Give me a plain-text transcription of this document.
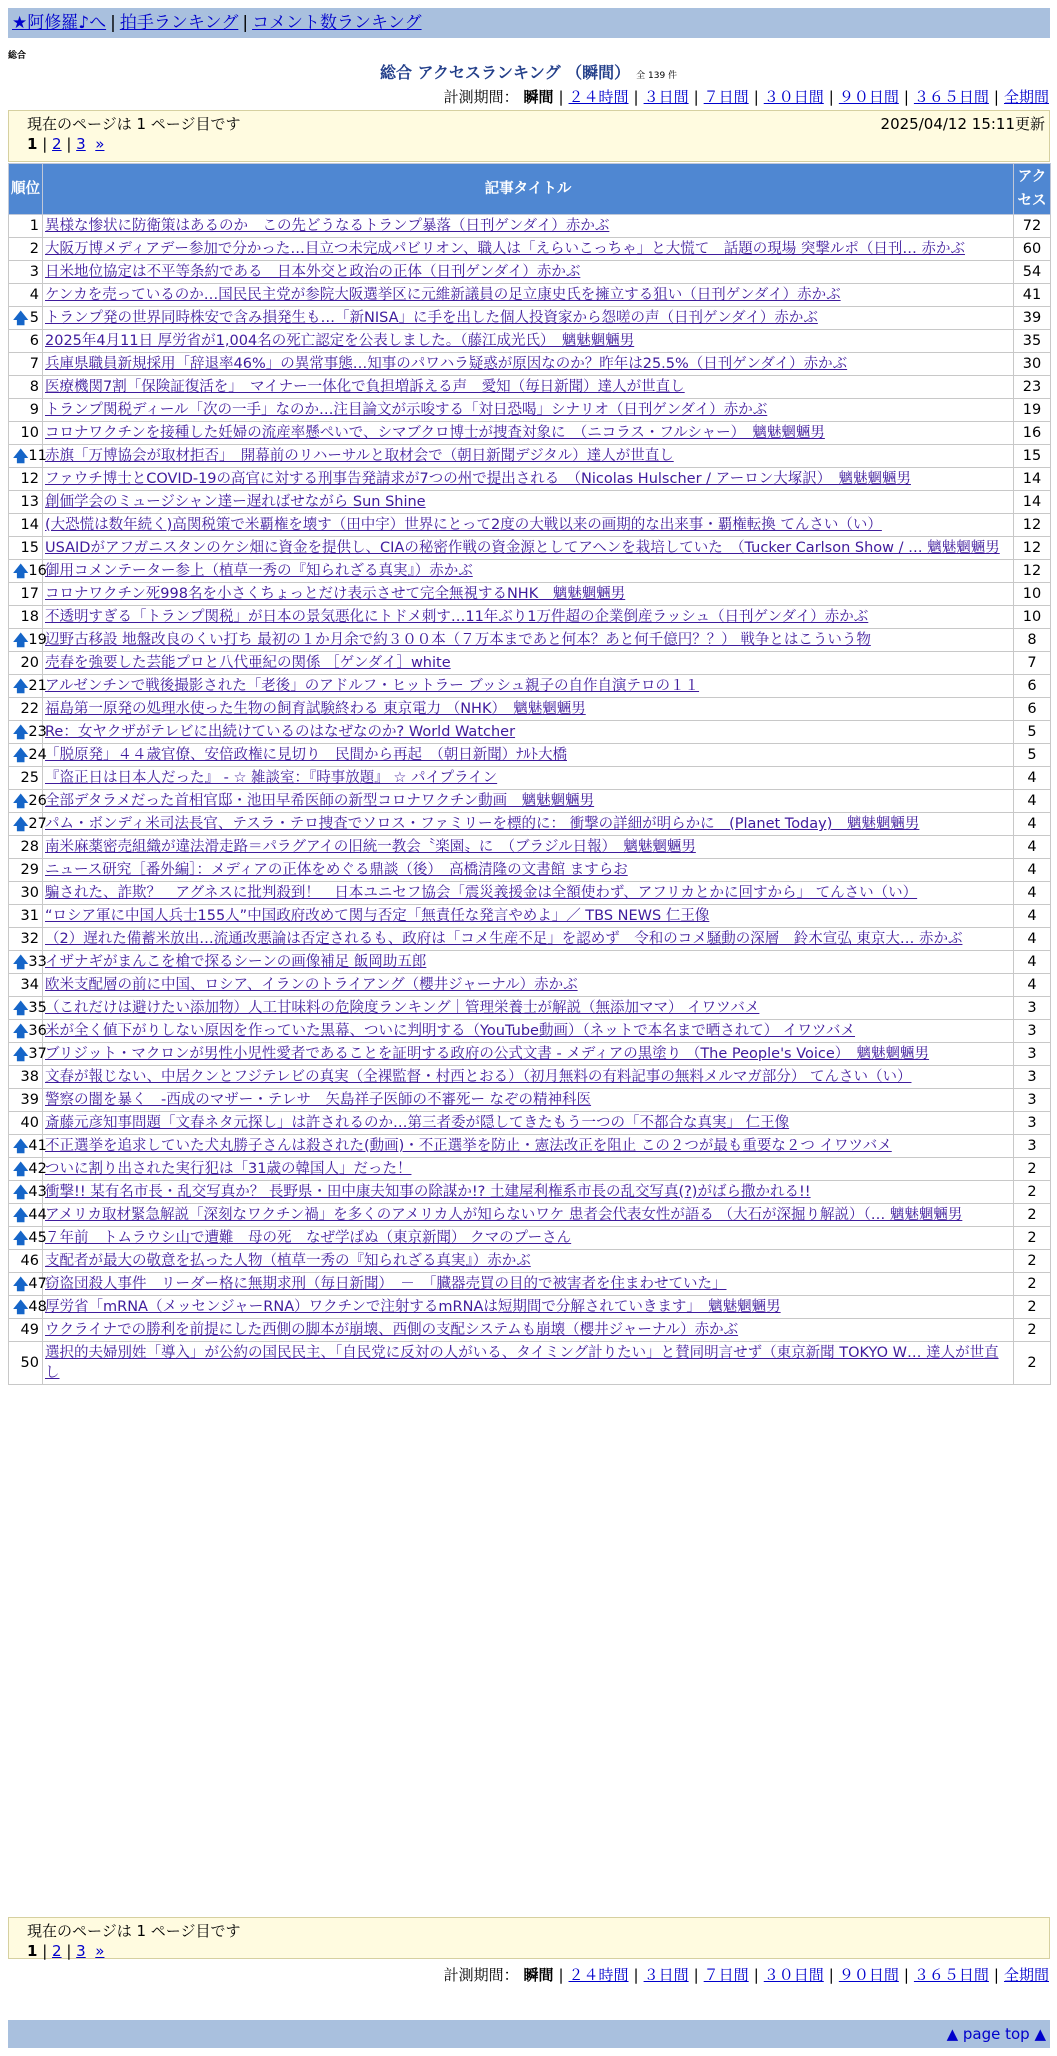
★阿修羅♪へ | 拍手ランキング | コメント数ランキング
総合
総合 アクセスランキング （瞬間） 全 139 件
計測期間： 瞬間 | ２４時間 | ３日間 | ７日間 | ３０日間 | ９０日間 | ３６５日間 | 全期間
現在のページは 1 ページ目です	2025/04/12 15:11更新
1 | 2 | 3 »
順位	記事タイトル	アクセス
1	異様な惨状に防衛策はあるのか　この先どうなるトランプ暴落（日刊ゲンダイ）赤かぶ	72
2	大阪万博メディアデー参加で分かった…目立つ未完成パビリオン、職人は「えらいこっちゃ」と大慌て　話題の現場 突撃ルポ（日刊… 赤かぶ	60
3	日米地位協定は不平等条約である　日本外交と政治の正体（日刊ゲンダイ）赤かぶ	54
4	ケンカを売っているのか…国民民主党が参院大阪選挙区に元維新議員の足立康史氏を擁立する狙い（日刊ゲンダイ）赤かぶ	41

🡅 5	トランプ発の世界同時株安で含み損発生も…「新NISA」に手を出した個人投資家から怨嗟の声（日刊ゲンダイ）赤かぶ	39
6	2025年4月11日 厚労省が1,004名の死亡認定を公表しました。（藤江成光氏）　魑魅魍魎男	35
7	兵庫県職員新規採用「辞退率46%」の異常事態…知事のパワハラ疑惑が原因なのか？昨年は25.5%（日刊ゲンダイ）赤かぶ	30
8	医療機関7割「保険証復活を」　マイナー一体化で負担増訴える声　愛知（毎日新聞）達人が世直し	23
9	トランプ関税ディール「次の一手」なのか…注目論文が示唆する「対日恐喝」シナリオ（日刊ゲンダイ）赤かぶ	19
10	コロナワクチンを接種した妊婦の流産率懸ぺいで、シマブクロ博士が捜査対象に　（ニコラス・フルシャー）　魑魅魍魎男	16

🡅 11	赤旗「万博協会が取材拒否」　開幕前のリハーサルと取材会で（朝日新聞デジタル）達人が世直し	15
12	ファウチ博士とCOVID-19の高官に対する刑事告発請求が7つの州で提出される　（Nicolas Hulscher / アーロン大塚訳）　魑魅魍魎男	14
13	創価学会のミュージシャン達ー遅ればせながら Sun Shine	14
14	(大恐慌は数年続く)高関税策で米覇権を壊す（田中宇）世界にとって2度の大戦以来の画期的な出来事・覇権転換 てんさい（い）	12
15	USAIDがアフガニスタンのケシ畑に資金を提供し、CIAの秘密作戦の資金源としてアヘンを栽培していた　（Tucker Carlson Show / … 魑魅魍魎男	12

🡅 16	御用コメンテーター参上（植草一秀の『知られざる真実』）赤かぶ	12
17	コロナワクチン死998名を小さくちょっとだけ表示させて完全無視するNHK　魑魅魍魎男	10
18	不透明すぎる「トランプ関税」が日本の景気悪化にトドメ刺す…11年ぶり1万件超の企業倒産ラッシュ（日刊ゲンダイ）赤かぶ	10

🡅 19	辺野古移設 地盤改良のくい打ち 最初の１か月余で約３００本（７万本まであと何本？あと何千億円？？） 戦争とはこういう物	8
20	売春を強要した芸能プロと八代亜紀の関係 ［ゲンダイ］white	7

🡅 21	アルゼンチンで戦後撮影された「老後」のアドルフ・ヒットラー ブッシュ親子の自作自演テロの１１	6
22	福島第一原発の処理水使った生物の飼育試験終わる 東京電力 （NHK）　魑魅魍魎男	6

🡅 23	Re：女ヤクザがテレビに出続けているのはなぜなのか? World Watcher	5

🡅 24	「脱原発」４４歳官僚、安倍政権に見切り　民間から再起　（朝日新聞）ﾅﾙﾄ大橋	5
25	『盗正日は日本人だった』 - ☆ 雑談室：『時事放題』 ☆ パイプライン	4

🡅 26	全部デタラメだった首相官邸・池田早希医師の新型コロナワクチン動画　魑魅魍魎男	4

🡅 27	パム・ボンディ米司法長官、テスラ・テロ捜査でソロス・ファミリーを標的に： 衝撃の詳細が明らかに　(Planet Today)　魑魅魍魎男	4
28	南米麻薬密売組織が違法滑走路＝パラグアイの旧統一教会〝楽園〟に　（ブラジル日報）　魑魅魍魎男	4
29	ニュース研究［番外編］：メディアの正体をめぐる鼎談（後）　高橋清隆の文書館 ますらお	4
30	騙された、詐欺？　アグネスに批判殺到！　日本ユニセフ協会「震災義援金は全額使わず、アフリカとかに回すから」 てんさい（い）	4
31	“ロシア軍に中国人兵士155人”中国政府改めて関与否定「無責任な発言やめよ」／ TBS NEWS 仁王像	4
32	（2）遅れた備蓄米放出…流通改悪論は否定されるも、政府は「コメ生産不足」を認めず　令和のコメ騒動の深層　鈴木宣弘 東京大… 赤かぶ	4

🡅 33	イザナギがまんこを槍で探るシーンの画像補足 飯岡助五郎	4
34	欧米支配層の前に中国、ロシア、イランのトライアング（櫻井ジャーナル）赤かぶ	4

🡅 35	（これだけは避けたい添加物）人工甘味料の危険度ランキング｜管理栄養士が解説（無添加ママ） イワツバメ	3

🡅 36	米が全く値下がりしない原因を作っていた黒幕、ついに判明する（YouTube動画）（ネットで本名まで晒されて） イワツバメ	3

🡅 37	ブリジット・マクロンが男性小児性愛者であることを証明する政府の公式文書 - メディアの黒塗り （The People's Voice）　魑魅魍魎男	3
38	文春が報じない、中居クンとフジテレビの真実（全裸監督・村西とおる）（初月無料の有料記事の無料メルマガ部分） てんさい（い）	3
39	警察の闇を暴く　-西成のマザー・テレサ　矢島祥子医師の不審死ー なぞの精神科医	3
40	斎藤元彦知事問題「文春ネタ元探し」は許されるのか…第三者委が隠してきたもう一つの「不都合な真実」 仁王像	3

🡅 41	不正選挙を追求していた犬丸勝子さんは殺された(動画)・不正選挙を防止・憲法改正を阻止 この２つが最も重要な２つ イワツバメ	3

🡅 42	ついに割り出された実行犯は「31歳の韓国人」だった！	2

🡅 43	衝撃!! 某有名市長・乱交写真か？ 長野県・田中康夫知事の除謀か!? 土建屋利権系市長の乱交写真(?)がばら撒かれる!!	2

🡅 44	アメリカ取材緊急解説「深刻なワクチン禍」を多くのアメリカ人が知らないワケ 患者会代表女性が語る （大石が深掘り解説）（… 魑魅魍魎男	2

🡅 45	７年前　トムラウシ山で遭難　母の死　なぜ学ばぬ（東京新聞） クマのプーさん	2
46	支配者が最大の敬意を払った人物（植草一秀の『知られざる真実』）赤かぶ	2

🡅 47	窃盗団殺人事件　リーダー格に無期求刑（毎日新聞）　－　「臓器売買の目的で被害者を住まわせていた」	2

🡅 48	厚労省「mRNA（メッセンジャーRNA）ワクチンで注射するmRNAは短期間で分解されていきます」　魑魅魍魎男	2
49	ウクライナでの勝利を前提にした西側の脚本が崩壊、西側の支配システムも崩壊（櫻井ジャーナル）赤かぶ	2
50	選択的夫婦別姓「導入」が公約の国民民主、「自民党に反対の人がいる、タイミング計りたい」と賛同明言せず（東京新聞 TOKYO W… 達人が世直し	2
現在のページは 1 ページ目です
1 | 2 | 3 »
計測期間： 瞬間 | ２４時間 | ３日間 | ７日間 | ３０日間 | ９０日間 | ３６５日間 | 全期間
▲ page top ▲
